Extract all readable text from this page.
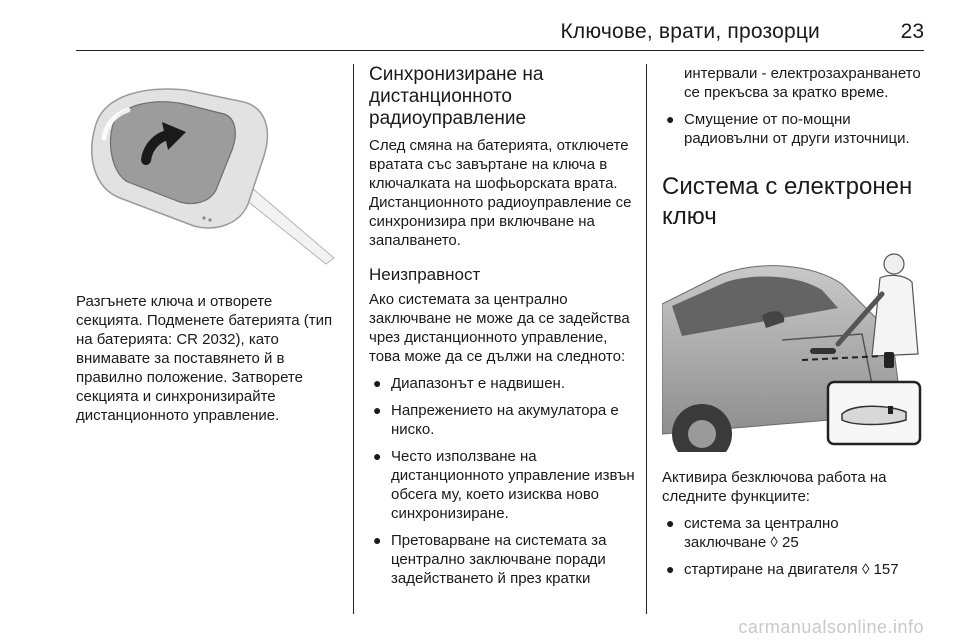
Ключове, врати, прозорци	23

Разгънете ключа и отворете секцията. Подменете батерията (тип на батерията: CR 2032), като внимавате за поставянето й в правилно положение. Затворете секцията и синхронизирайте дистанционното управление.

Синхронизиране на дистанционното радиоуправление

След смяна на батерията, отключете вратата със завъртане на ключа в ключалката на шофьорската врата. Дистанционното радиоуправление се синхронизира при включване на запалването.

Неизправност

Ако системата за централно заключване не може да се задейства чрез дистанционното управление, това може да се дължи на следното:

● Диапазонът е надвишен.
● Напрежението на акумулатора е ниско.
● Често използване на дистанционното управление извън обсега му, което изисква ново синхронизиране.
● Претоварване на системата за централно заключване поради задействането й през кратки
интервали - електрозахранването се прекъсва за кратко време.
● Смущение от по-мощни радиовълни от други източници.
Система с електронен ключ

Активира безключова работа на следните функциите:

● система за централно заключване ◊ 25
● стартиране на двигателя ◊ 157
carmanualsonline.info
